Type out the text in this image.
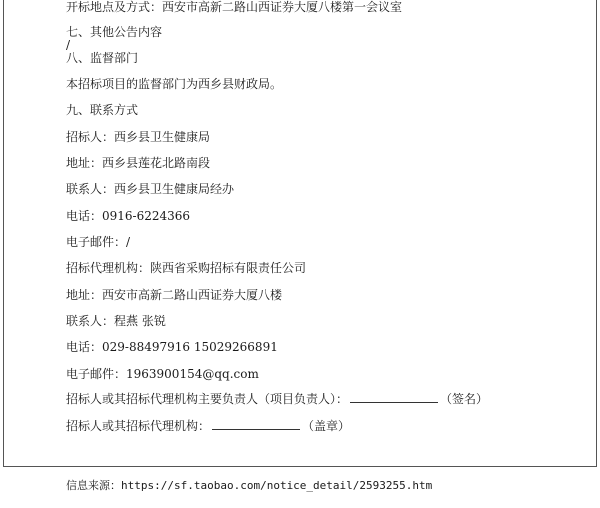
开标地点及方式：西安市高新二路山西证券大厦八楼第一会议室
七、其他公告内容
/
八、监督部门
本招标项目的监督部门为西乡县财政局。
九、联系方式
招标人：西乡县卫生健康局
地址：西乡县莲花北路南段
联系人：西乡县卫生健康局经办
电话：0916-6224366
电子邮件：/
招标代理机构：陕西省采购招标有限责任公司
地址：西安市高新二路山西证券大厦八楼
联系人：程燕 张锐
电话：029-88497916 15029266891
电子邮件：1963900154@qq.com
招标人或其招标代理机构主要负责人（项目负责人）：	（签名）
招标人或其招标代理机构：	（盖章）
信息来源：https://sf.taobao.com/notice_detail/2593255.htm
